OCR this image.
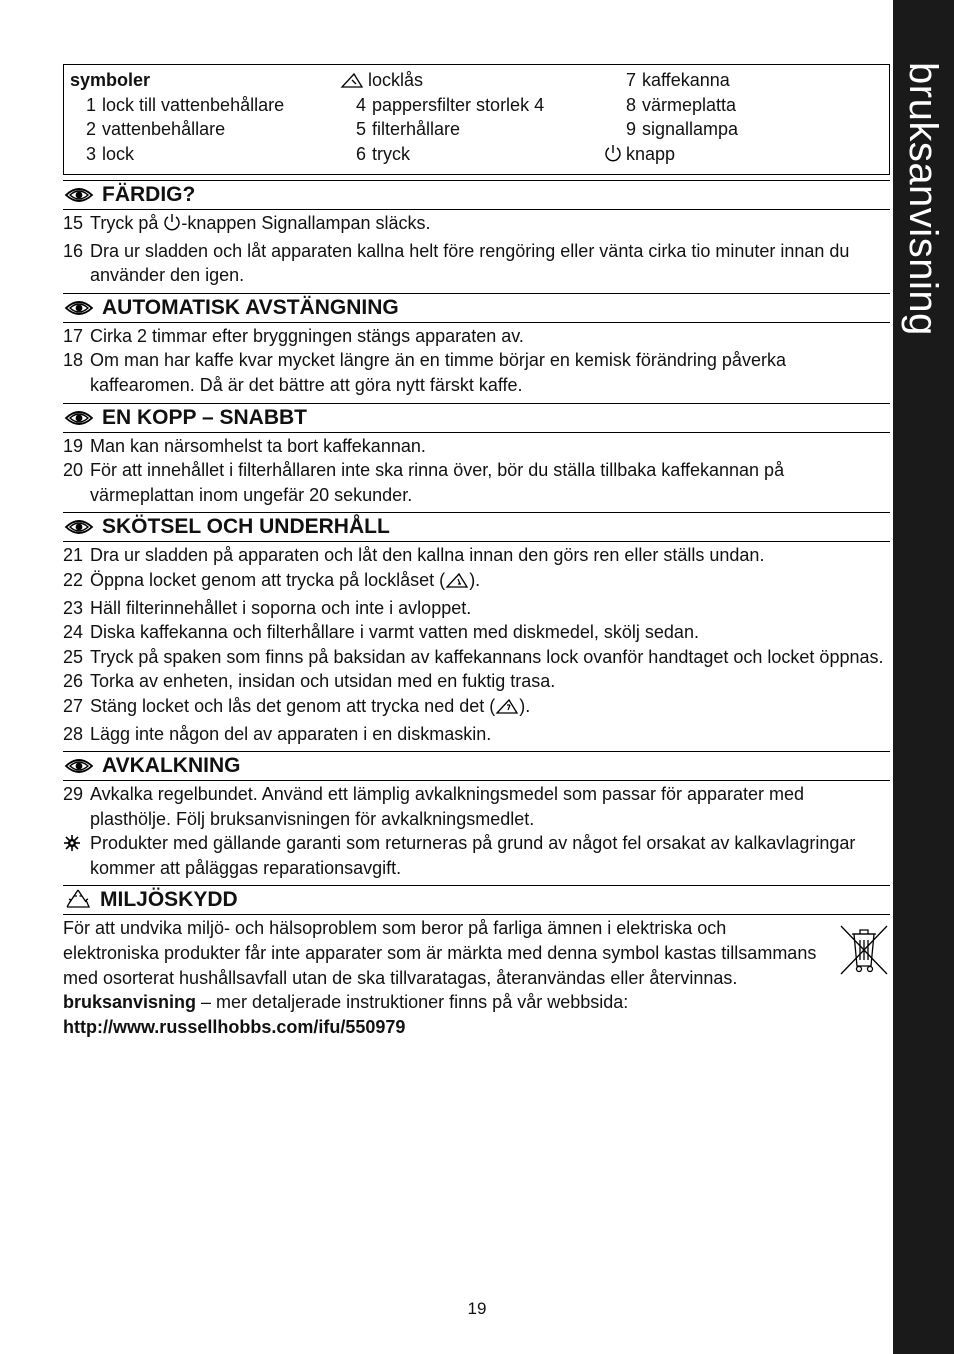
bruksanvisning
symboler
1 lock till vattenbehållare
2 vattenbehållare
3 lock
locklås
4 pappersfilter storlek 4
5 filterhållare
6 tryck
7 kaffekanna
8 värmeplatta
9 signallampa
knapp
FÄRDIG?
15 Tryck på -knappen Signallampan släcks.
16 Dra ur sladden och låt apparaten kallna helt före rengöring eller vänta cirka tio minuter innan du använder den igen.
AUTOMATISK AVSTÄNGNING
17 Cirka 2 timmar efter bryggningen stängs apparaten av.
18 Om man har kaffe kvar mycket längre än en timme börjar en kemisk förändring påverka kaffearomen. Då är det bättre att göra nytt färskt kaffe.
EN KOPP – SNABBT
19 Man kan närsomhelst ta bort kaffekannan.
20 För att innehållet i filterhållaren inte ska rinna över, bör du ställa tillbaka kaffekannan på värmeplattan inom ungefär 20 sekunder.
SKÖTSEL OCH UNDERHÅLL
21 Dra ur sladden på apparaten och låt den kallna innan den görs ren eller ställs undan.
22 Öppna locket genom att trycka på locklåset ( ).
23 Häll filterinnehållet i soporna och inte i avloppet.
24 Diska kaffekanna och filterhållare i varmt vatten med diskmedel, skölj sedan.
25 Tryck på spaken som finns på baksidan av kaffekannans lock ovanför handtaget och locket öppnas.
26 Torka av enheten, insidan och utsidan med en fuktig trasa.
27 Stäng locket och lås det genom att trycka ned det ( ).
28 Lägg inte någon del av apparaten i en diskmaskin.
AVKALKNING
29 Avkalka regelbundet. Använd ett lämplig avkalkningsmedel som passar för apparater med plasthölje. Följ bruksanvisningen för avkalkningsmedlet.
Produkter med gällande garanti som returneras på grund av något fel orsakat av kalkavlagringar kommer att påläggas reparationsavgift.
MILJÖSKYDD
För att undvika miljö- och hälsoproblem som beror på farliga ämnen i elektriska och elektroniska produkter får inte apparater som är märkta med denna symbol kastas tillsammans med osorterat hushållsavfall utan de ska tillvaratagas, återanvändas eller återvinnas.
bruksanvisning – mer detaljerade instruktioner finns på vår webbsida:
http://www.russellhobbs.com/ifu/550979
19
